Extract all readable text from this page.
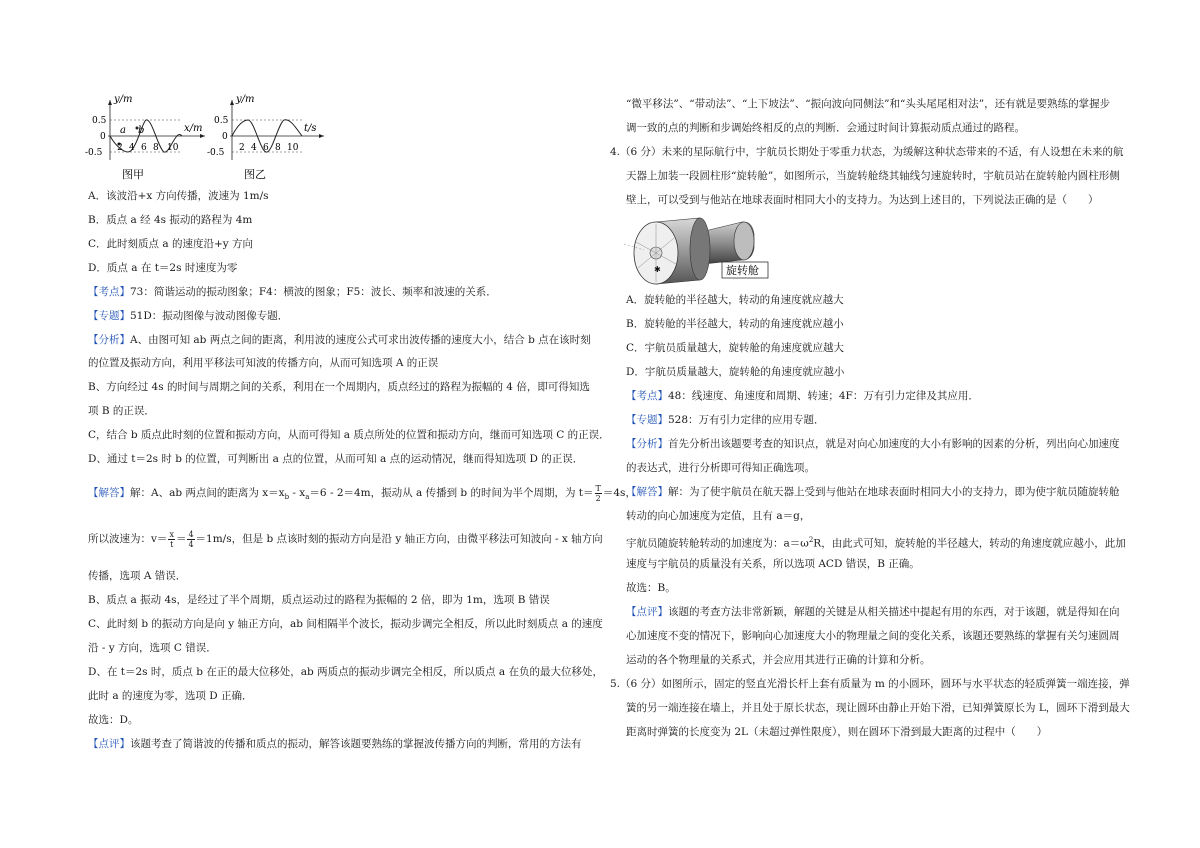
y/m
x/m
0.5
0
-0.5
a b
2 4 6 8 10
图甲
y/m
t/s
0.5
0
-0.5 2 4 6 8 10
图乙
A．该波沿+x 方向传播，波速为 1m/s
B．质点 a 经 4s 振动的路程为 4m
C．此时刻质点 a 的速度沿+y 方向
D．质点 a 在 t＝2s 时速度为零
【考点】73：简谐运动的振动图象；F4：横波的图象；F5：波长、频率和波速的关系．
【专题】51D：振动图像与波动图像专题．
【分析】A、由图可知 ab 两点之间的距离，利用波的速度公式可求出波传播的速度大小，结合 b 点在该时刻
的位置及振动方向，利用平移法可知波的传播方向，从而可知选项 A 的正误
B、方向经过 4s 的时间与周期之间的关系，利用在一个周期内，质点经过的路程为振幅的 4 倍，即可得知选
项 B 的正误．
C，结合 b 质点此时刻的位置和振动方向，从而可得知 a 质点所处的位置和振动方向，继而可知选项 C 的正误．
D、通过 t＝2s 时 b 的位置，可判断出 a 点的位置，从而可知 a 点的运动情况，继而得知选项 D 的正误．
【解答】解：A、ab 两点间的距离为 $x=x_b - x_a=6 - 2=4m$，振动从 a 传播到 b 的时间为半个周期，为 $t= \frac{T}{2} =4s$，
所以波速为：$v= \frac{x}{t} = \frac{4}{4} =1m/s$，但是 b 点该时刻的振动方向是沿 y 轴正方向，由微平移法可知波向 - x 轴方向
传播，选项 A 错误．
B、质点 a 振动 4s，是经过了半个周期，质点运动过的路程为振幅的 2 倍，即为 1m，选项 B 错误
C、此时刻 b 的振动方向是向 y 轴正方向，ab 间相隔半个波长，振动步调完全相反，所以此时刻质点 a 的速度
沿 - y 方向，选项 C 错误．
D、在 t＝2s 时，质点 b 在正的最大位移处，ab 两质点的振动步调完全相反，所以质点 a 在负的最大位移处，
此时 a 的速度为零，选项 D 正确．
故选：D。
【点评】该题考查了简谐波的传播和质点的振动，解答该题要熟练的掌握波传播方向的判断，常用的方法有
“微平移法”、“带动法”、“上下坡法”、“振向波向同侧法”和“头头尾尾相对法”，还有就是要熟练的掌握步
调一致的点的判断和步调始终相反的点的判断．会通过时间计算振动质点通过的路程。
4.（6 分）未来的星际航行中，宇航员长期处于零重力状态，为缓解这种状态带来的不适，有人设想在未来的航
天器上加装一段圆柱形“旋转舱”，如图所示，当旋转舱绕其轴线匀速旋转时，宇航员站在旋转舱内圆柱形侧
壁上，可以受到与他站在地球表面时相同大小的支持力。为达到上述目的，下列说法正确的是（　　）
✱	旋转舱
A．旋转舱的半径越大，转动的角速度就应越大
B．旋转舱的半径越大，转动的角速度就应越小
C．宇航员质量越大，旋转舱的角速度就应越大
D．宇航员质量越大，旋转舱的角速度就应越小
【考点】48：线速度、角速度和周期、转速；4F：万有引力定律及其应用．
【专题】528：万有引力定律的应用专题．
【分析】首先分析出该题要考查的知识点，就是对向心加速度的大小有影响的因素的分析，列出向心加速度
的表达式，进行分析即可得知正确选项。
【解答】解：为了使宇航员在航天器上受到与他站在地球表面时相同大小的支持力，即为使宇航员随旋转舱
转动的向心加速度为定值，且有 a＝g，
宇航员随旋转舱转动的加速度为：$a=\omega^2R$，由此式可知，旋转舱的半径越大，转动的角速度就应越小，此加
速度与宇航员的质量没有关系，所以选项 ACD 错误，B 正确。
故选：B。
【点评】该题的考查方法非常新颖，解题的关键是从相关描述中提起有用的东西，对于该题，就是得知在向
心加速度不变的情况下，影响向心加速度大小的物理量之间的变化关系，该题还要熟练的掌握有关匀速圆周
运动的各个物理量的关系式，并会应用其进行正确的计算和分析。
5.（6 分）如图所示，固定的竖直光滑长杆上套有质量为 m 的小圆环，圆环与水平状态的轻质弹簧一端连接，弹
簧的另一端连接在墙上，并且处于原长状态，现让圆环由静止开始下滑，已知弹簧原长为 L，圆环下滑到最大
距离时弹簧的长度变为 2L（未超过弹性限度），则在圆环下滑到最大距离的过程中（　　）
